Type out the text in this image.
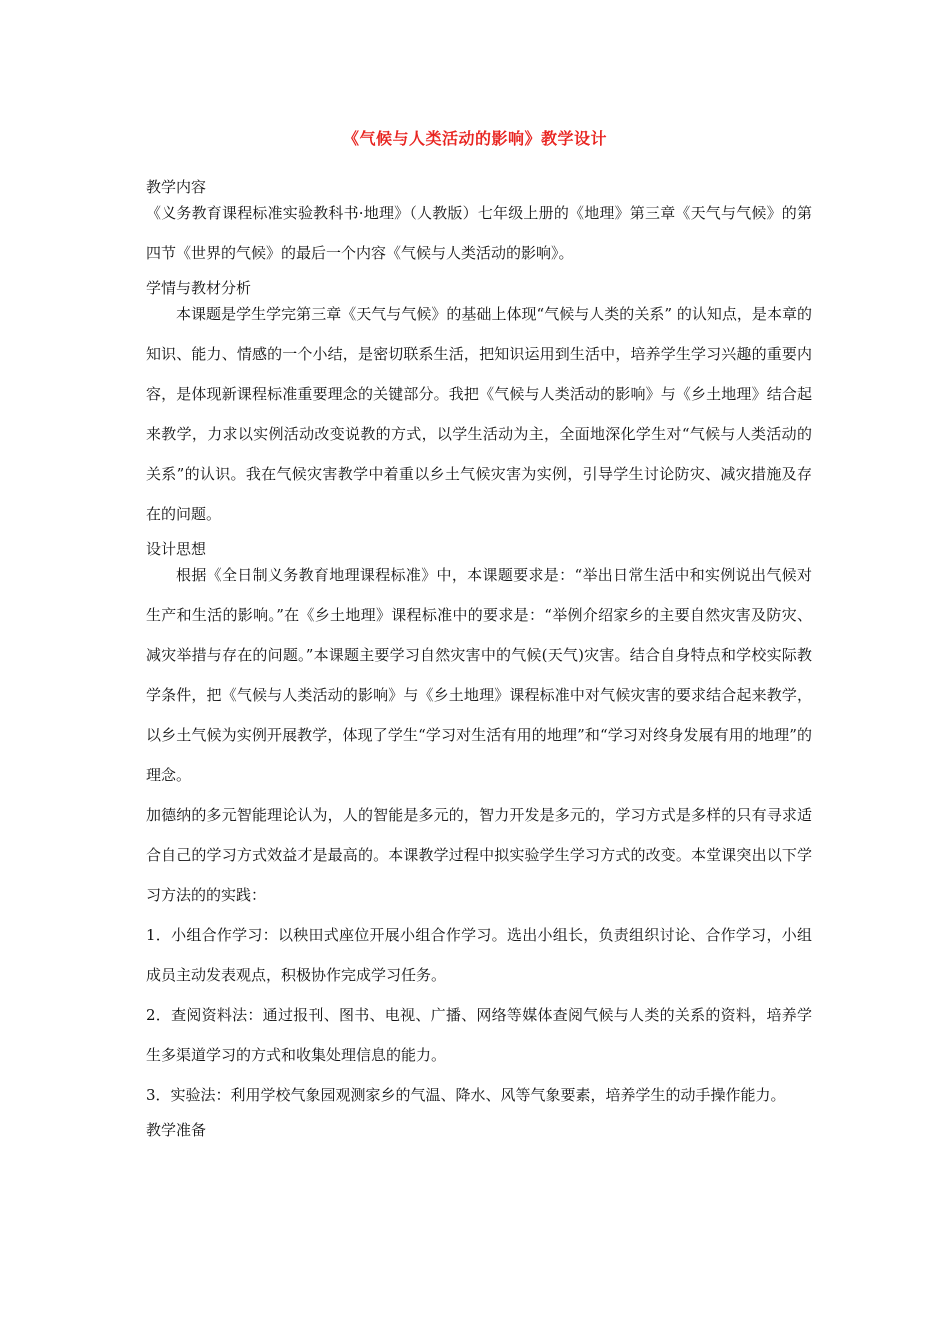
《气候与人类活动的影响》教学设计
教学内容
《义务教育课程标准实验教科书·地理》（人教版）七年级上册的《地理》第三章《天气与气候》的第四节《世界的气候》的最后一个内容《气候与人类活动的影响》。
学情与教材分析
本课题是学生学完第三章《天气与气候》的基础上体现“气候与人类的关系” 的认知点，是本章的知识、能力、情感的一个小结，是密切联系生活，把知识运用到生活中，培养学生学习兴趣的重要内容，是体现新课程标准重要理念的关键部分。我把《气候与人类活动的影响》与《乡土地理》结合起来教学，力求以实例活动改变说教的方式，以学生活动为主，全面地深化学生对“气候与人类活动的关系”的认识。我在气候灾害教学中着重以乡土气候灾害为实例，引导学生讨论防灾、减灾措施及存在的问题。
设计思想
根据《全日制义务教育地理课程标准》中，本课题要求是：“举出日常生活中和实例说出气候对生产和生活的影响。”在《乡土地理》课程标准中的要求是：“举例介绍家乡的主要自然灾害及防灾、减灾举措与存在的问题。”本课题主要学习自然灾害中的气候(天气)灾害。结合自身特点和学校实际教学条件，把《气候与人类活动的影响》与《乡土地理》课程标准中对气候灾害的要求结合起来教学，以乡土气候为实例开展教学，体现了学生“学习对生活有用的地理”和“学习对终身发展有用的地理”的理念。
加德纳的多元智能理论认为，人的智能是多元的，智力开发是多元的，学习方式是多样的只有寻求适合自己的学习方式效益才是最高的。本课教学过程中拟实验学生学习方式的改变。本堂课突出以下学习方法的的实践：
1．小组合作学习：以秧田式座位开展小组合作学习。选出小组长，负责组织讨论、合作学习，小组成员主动发表观点，积极协作完成学习任务。
2．查阅资料法：通过报刊、图书、电视、广播、网络等媒体查阅气候与人类的关系的资料，培养学生多渠道学习的方式和收集处理信息的能力。
3．实验法：利用学校气象园观测家乡的气温、降水、风等气象要素，培养学生的动手操作能力。
教学准备
